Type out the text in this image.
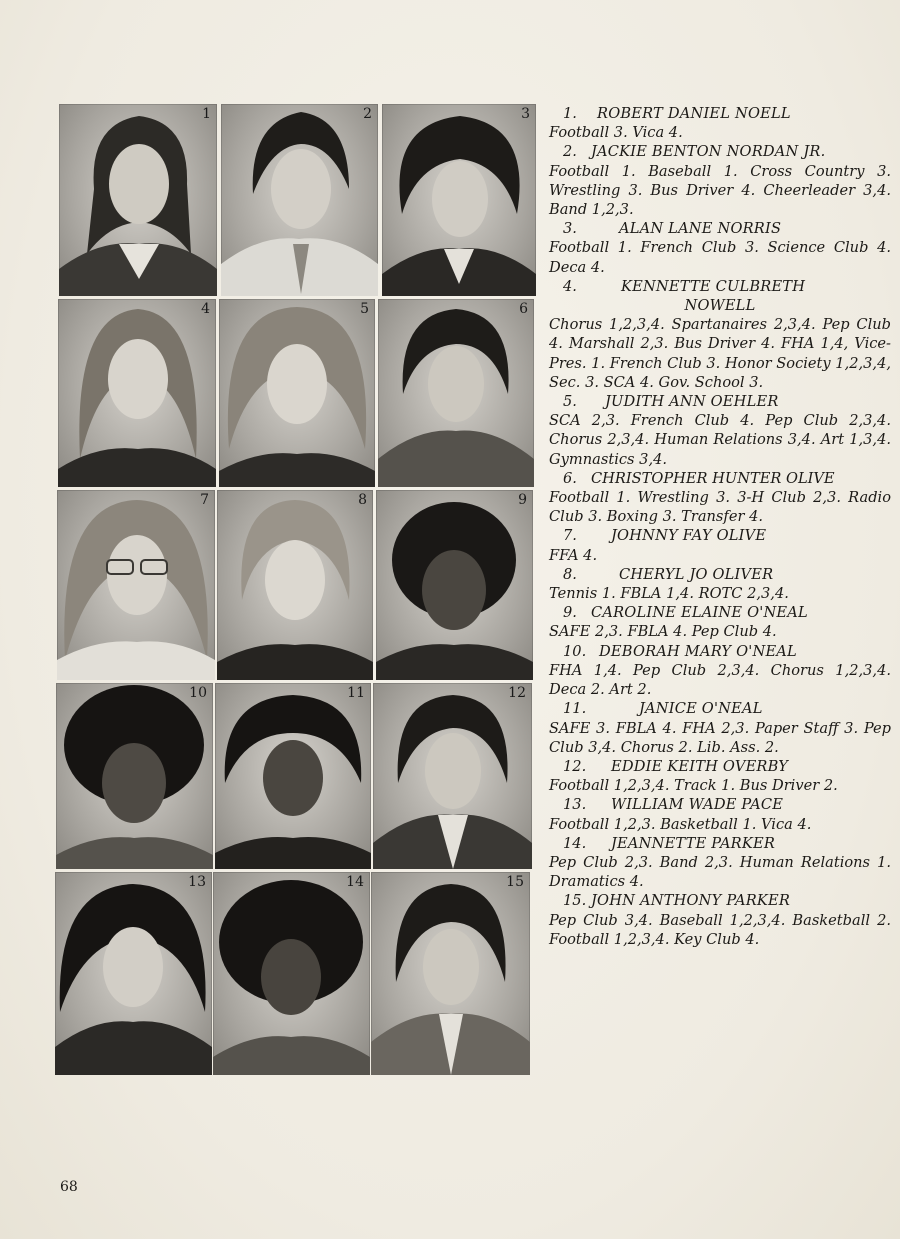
1	2	3
4	5	6
7	8	9
10	11	12
13	14	15
1.	ROBERT DANIEL NOELL
Football 3. Vica 4.
2. JACKIE BENTON NORDAN JR.
Football 1. Baseball 1. Cross Country 3. Wrestling 3. Bus Driver 4. Cheerleader 3,4. Band 1,2,3.
3.	ALAN LANE NORRIS
Football 1. French Club 3. Science Club 4. Deca 4.
4.	KENNETTE CULBRETH
NOWELL
Chorus 1,2,3,4. Spartanaires 2,3,4. Pep Club 4. Marshall 2,3. Bus Driver 4. FHA 1,4, Vice-Pres. 1. French Club 3. Honor Society 1,2,3,4, Sec. 3. SCA 4. Gov. School 3.
5.	JUDITH ANN OEHLER
SCA 2,3. French Club 4. Pep Club 2,3,4. Chorus 2,3,4. Human Relations 3,4. Art 1,3,4. Gymnastics 3,4.
6. CHRISTOPHER HUNTER OLIVE
Football 1. Wrestling 3. 3-H Club 2,3. Radio Club 3. Boxing 3. Transfer 4.
7.	JOHNNY FAY OLIVE
FFA 4.
8.	CHERYL JO OLIVER
Tennis 1. FBLA 1,4. ROTC 2,3,4.
9. CAROLINE ELAINE O'NEAL
SAFE 2,3. FBLA 4. Pep Club 4.
10. DEBORAH MARY O'NEAL
FHA 1,4. Pep Club 2,3,4. Chorus 1,2,3,4. Deca 2. Art 2.
11.	JANICE O'NEAL
SAFE 3. FBLA 4. FHA 2,3. Paper Staff 3. Pep Club 3,4. Chorus 2. Lib. Ass. 2.
12.	EDDIE KEITH OVERBY
Football 1,2,3,4. Track 1. Bus Driver 2.
13.	WILLIAM WADE PACE
Football 1,2,3. Basketball 1. Vica 4.
14.	JEANNETTE PARKER
Pep Club 2,3. Band 2,3. Human Relations 1. Dramatics 4.
15. JOHN ANTHONY PARKER
Pep Club 3,4. Baseball 1,2,3,4. Basketball 2. Football 1,2,3,4. Key Club 4.
68
